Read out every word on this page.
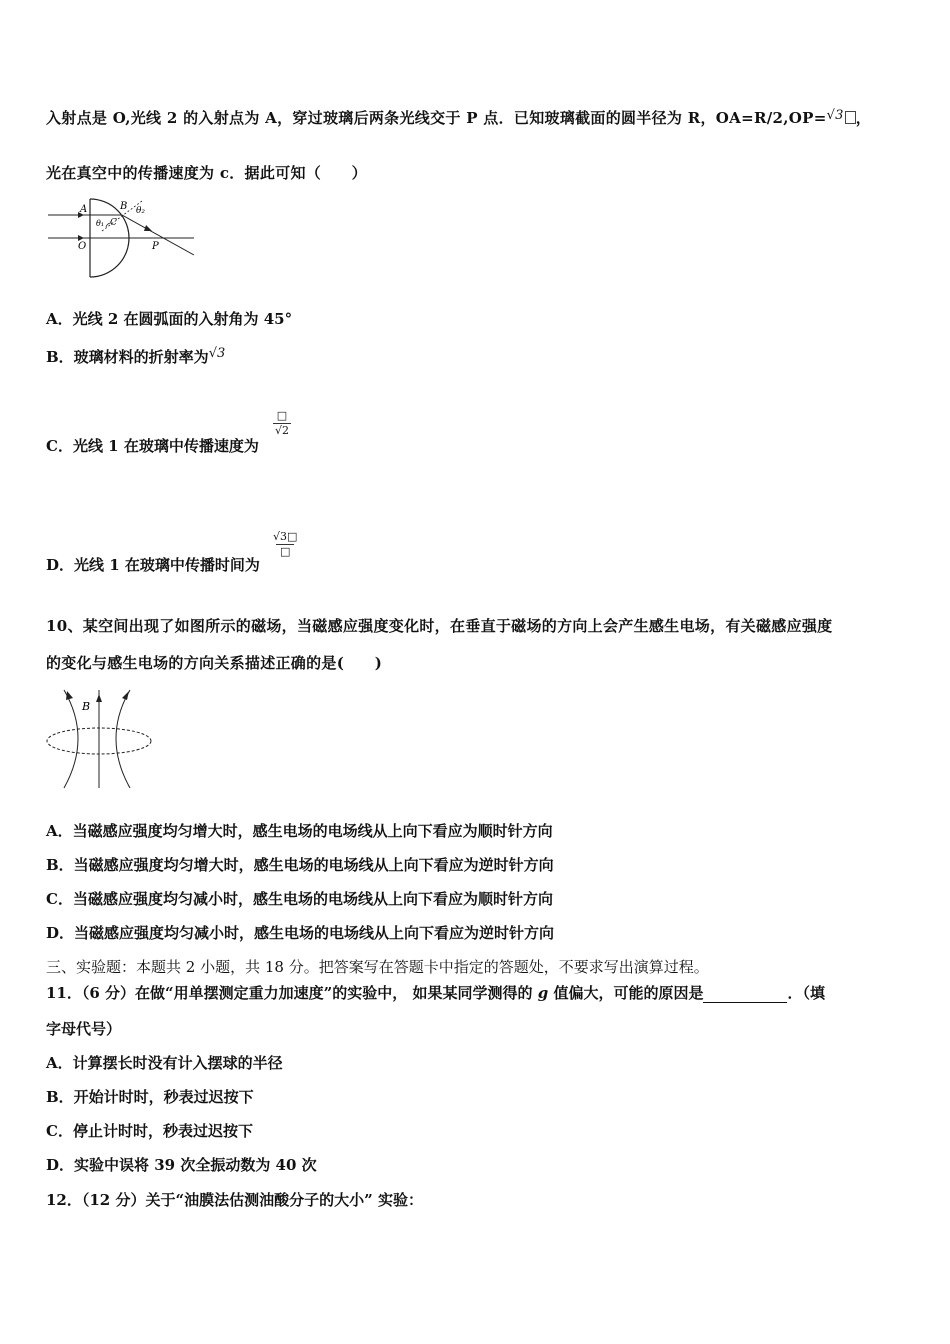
入射点是 O,光线 2 的入射点为 A，穿过玻璃后两条光线交于 P 点．已知玻璃截面的圆半径为 R，OA=R/2,OP=√3 ，
光在真空中的传播速度为 c．据此可知（　　）
A	B θ₂
θ₁ C
O	P
A．光线 2 在圆弧面的入射角为 45°
B．玻璃材料的折射率为√3
C．光线 1 在玻璃中传播速度为
□
√2
D．光线 1 在玻璃中传播时间为
√3□
□
10、某空间出现了如图所示的磁场，当磁感应强度变化时，在垂直于磁场的方向上会产生感生电场，有关磁感应强度
的变化与感生电场的方向关系描述正确的是(　　)
B
A．当磁感应强度均匀增大时，感生电场的电场线从上向下看应为顺时针方向
B．当磁感应强度均匀增大时，感生电场的电场线从上向下看应为逆时针方向
C．当磁感应强度均匀减小时，感生电场的电场线从上向下看应为顺时针方向
D．当磁感应强度均匀减小时，感生电场的电场线从上向下看应为逆时针方向
三、实验题：本题共 2 小题，共 18 分。把答案写在答题卡中指定的答题处，不要求写出演算过程。
11．（6 分）在做“用单摆测定重力加速度”的实验中， 如果某同学测得的 g 值偏大，可能的原因是	．（填
字母代号）
A．计算摆长时没有计入摆球的半径
B．开始计时时，秒表过迟按下
C．停止计时时，秒表过迟按下
D．实验中误将 39 次全振动数为 40 次
12．（12 分）关于“油膜法估测油酸分子的大小” 实验：
